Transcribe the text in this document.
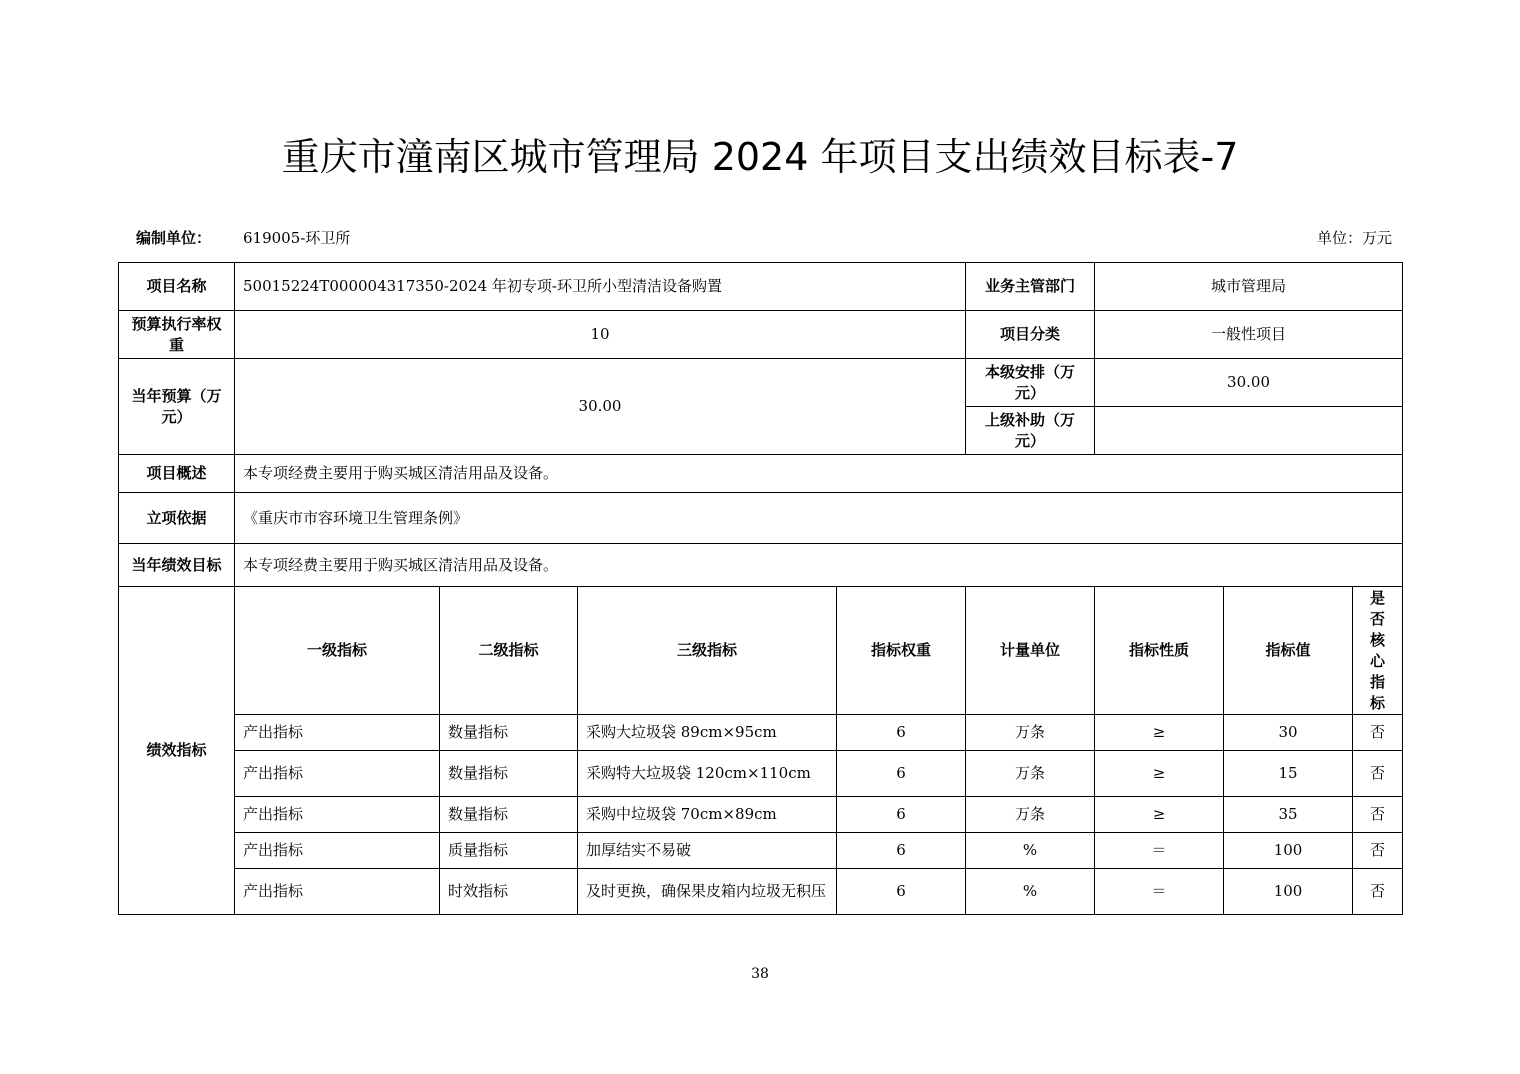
重庆市潼南区城市管理局 2024 年项目支出绩效目标表-7
编制单位： 619005-环卫所	单位：万元
项目名称	50015224T000004317350-2024 年初专项-环卫所小型清洁设备购置				业务主管部门	城市管理局		
预算执行率权重	10				项目分类	一般性项目		
当年预算（万元）	30.00				本级安排（万元）	30.00		
					上级补助（万元）			
项目概述	本专项经费主要用于购买城区清洁用品及设备。							
立项依据	《重庆市市容环境卫生管理条例》							
当年绩效目标	本专项经费主要用于购买城区清洁用品及设备。							
绩效指标	一级指标	二级指标	三级指标	指标权重	计量单位	指标性质	指标值	是否核心指标

	产出指标	数量指标	采购大垃圾袋 89cm×95cm	6	万条	≥	30	否
	产出指标	数量指标	采购特大垃圾袋 120cm×110cm	6	万条	≥	15	否
	产出指标	数量指标	采购中垃圾袋 70cm×89cm	6	万条	≥	35	否
	产出指标	质量指标	加厚结实不易破	6	%	＝	100	否
	产出指标	时效指标	及时更换，确保果皮箱内垃圾无积压	6	%	＝	100	否
38
